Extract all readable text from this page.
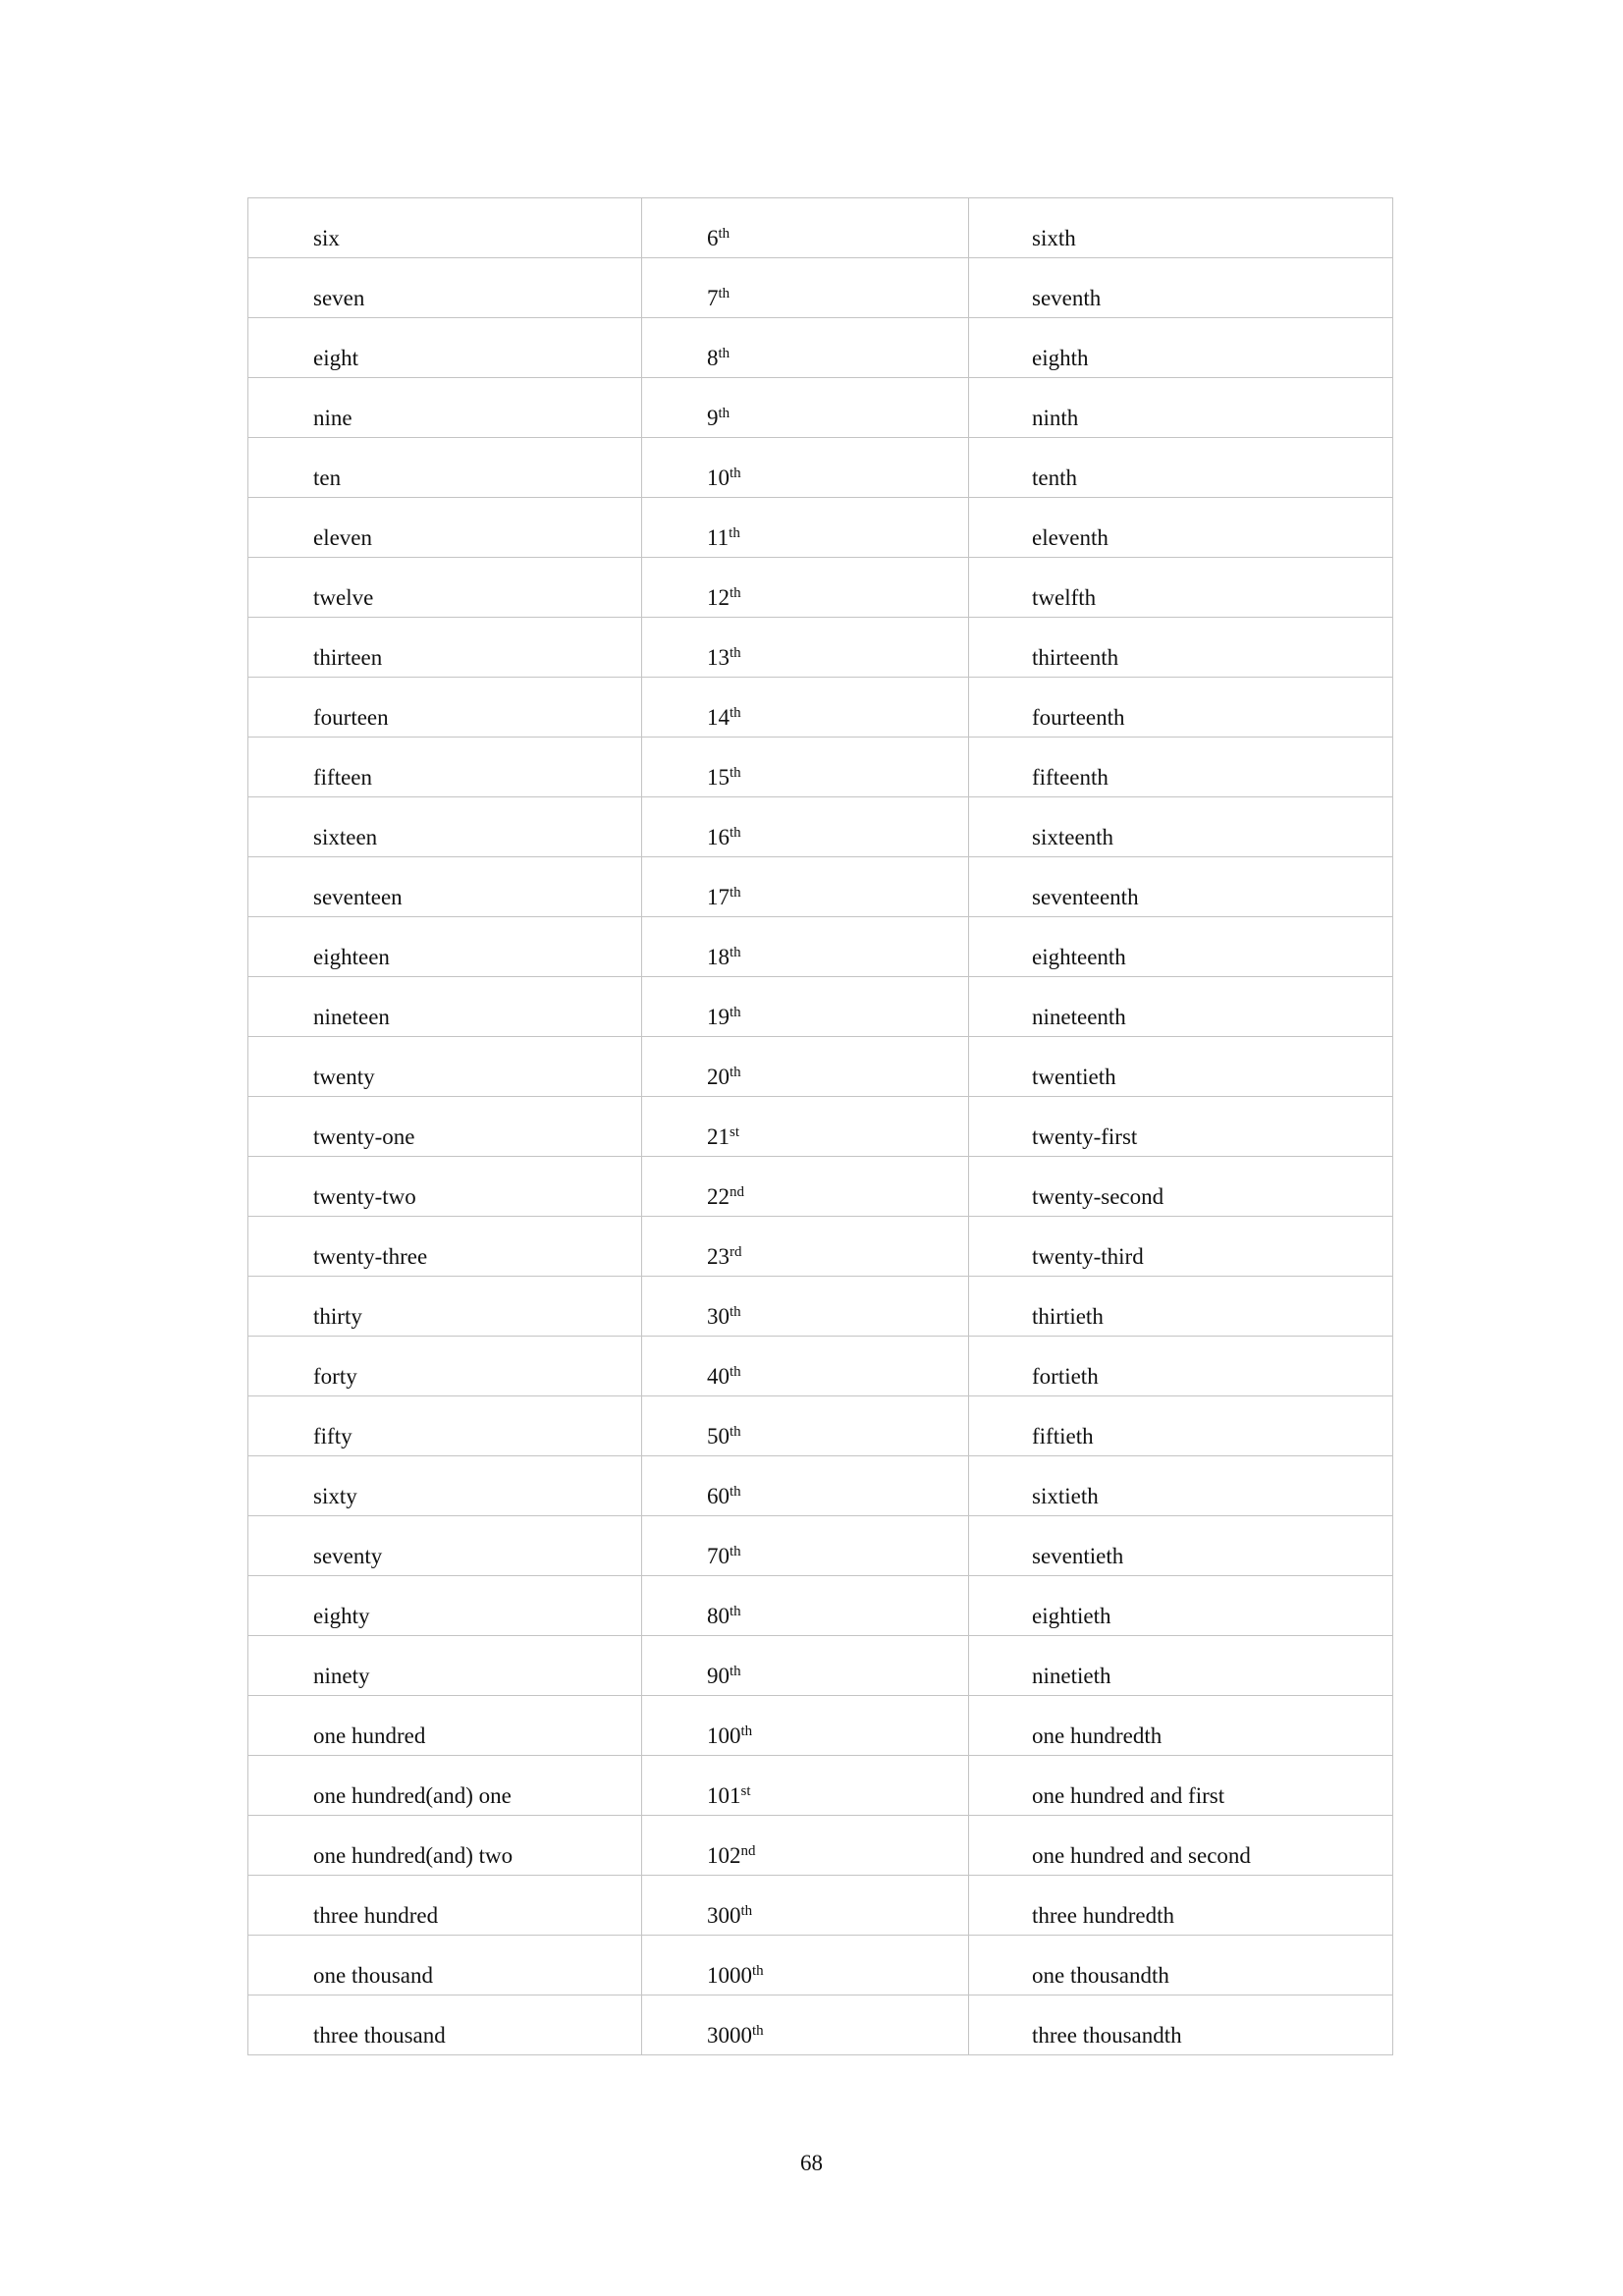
six	6th	sixth

seven	7th	seventh

eight	8th	eighth

nine	9th	ninth

ten	10th	tenth

eleven	11th	eleventh

twelve	12th	twelfth

thirteen	13th	thirteenth

fourteen	14th	fourteenth

fifteen	15th	fifteenth

sixteen	16th	sixteenth

seventeen	17th	seventeenth

eighteen	18th	eighteenth

nineteen	19th	nineteenth

twenty	20th	twentieth

twenty-one	21st	twenty-first

twenty-two	22nd	twenty-second

twenty-three	23rd	twenty-third

thirty	30th	thirtieth

forty	40th	fortieth

fifty	50th	fiftieth

sixty	60th	sixtieth

seventy	70th	seventieth

eighty	80th	eightieth

ninety	90th	ninetieth

one hundred	100th	one hundredth

one hundred(and) one	101st	one hundred and first

one hundred(and) two	102nd	one hundred and second

three hundred	300th	three hundredth

one thousand	1000th	one thousandth

three thousand	3000th	three thousandth
68
